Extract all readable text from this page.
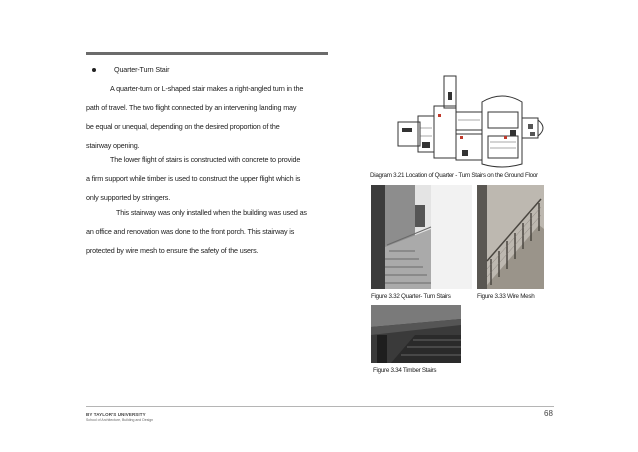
Quarter-Turn Stair
A quarter-turn or L-shaped stair makes a right-angled turn in the
path of travel. The two flight connected by an intervening landing may
be equal or unequal, depending on the desired proportion of the
stairway opening.
The lower flight of stairs is constructed with concrete to provide
a firm support while timber is used to construct the upper flight which is
only supported by stringers.
This stairway was only installed when the building was used as
an office and renovation was done to the front porch. This stairway is
protected by wire mesh to ensure the safety of the users.
Diagram 3.21 Location of Quarter - Turn Stairs on the Ground Floor
Figure 3.32 Quarter- Turn Stairs	Figure 3.33 Wire Mesh
Figure 3.34 Timber Stairs
68
BY TAYLOR'S UNIVERSITY
School of Architecture, Building and Design
